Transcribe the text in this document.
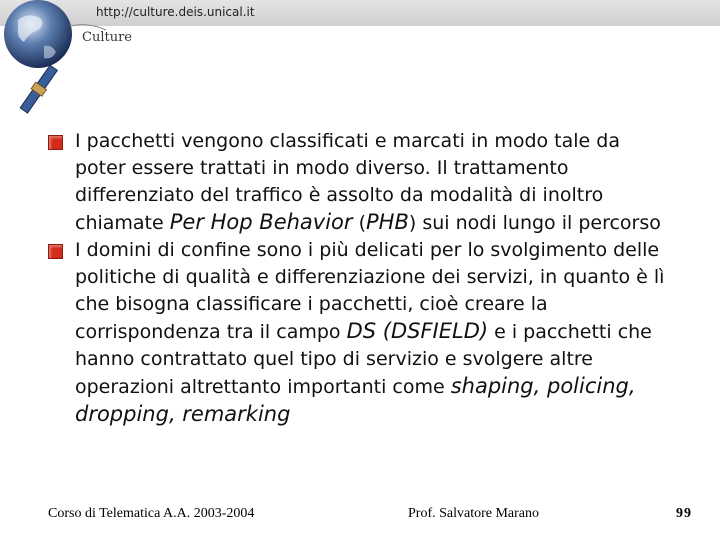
http://culture.deis.unical.it
Culture
I pacchetti vengono classificati e marcati in modo tale da poter essere trattati in modo diverso. Il trattamento differenziato del traffico è assolto da modalità di inoltro chiamate Per Hop Behavior (PHB) sui nodi lungo il percorso
I domini di confine sono i più delicati per lo svolgimento delle politiche di qualità e differenziazione dei servizi, in quanto è lì che bisogna classificare i pacchetti, cioè creare la corrispondenza tra il campo DS (DSFIELD) e i pacchetti che hanno contrattato quel tipo di servizio e svolgere altre operazioni altrettanto importanti come shaping, policing, dropping, remarking
Corso di Telematica A.A. 2003-2004	Prof. Salvatore Marano	99
